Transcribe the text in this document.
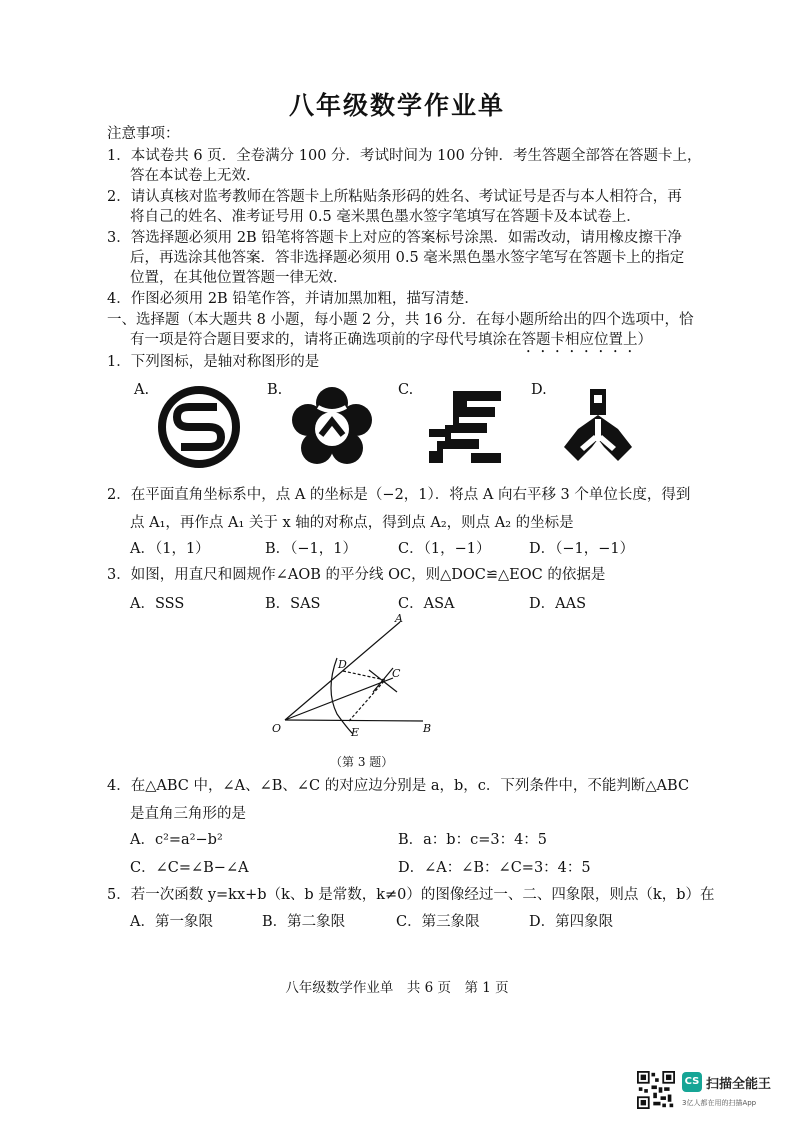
八年级数学作业单
注意事项：
1．本试卷共 6 页．全卷满分 100 分．考试时间为 100 分钟．考生答题全部答在答题卡上，
答在本试卷上无效．
2．请认真核对监考教师在答题卡上所粘贴条形码的姓名、考试证号是否与本人相符合，再
将自己的姓名、准考证号用 0.5 毫米黑色墨水签字笔填写在答题卡及本试卷上．
3．答选择题必须用 2B 铅笔将答题卡上对应的答案标号涂黑．如需改动，请用橡皮擦干净
后，再选涂其他答案．答非选择题必须用 0.5 毫米黑色墨水签字笔写在答题卡上的指定
位置，在其他位置答题一律无效．
4．作图必须用 2B 铅笔作答，并请加黑加粗，描写清楚．
一、选择题（本大题共 8 小题，每小题 2 分，共 16 分．在每小题所给出的四个选项中，恰
有一项是符合题目要求的，请将正确选项前的字母代号填涂在答题卡相应位置上）
1．下列图标，是轴对称图形的是
A.	B.	C.	D.
2．在平面直角坐标系中，点 A 的坐标是（−2，1）．将点 A 向右平移 3 个单位长度，得到
点 A₁，再作点 A₁ 关于 x 轴的对称点，得到点 A₂，则点 A₂ 的坐标是
A．（1，1）	B．（−1，1）	C．（1，−1）	D．（−1，−1）
3．如图，用直尺和圆规作∠AOB 的平分线 OC，则△DOC≌△EOC 的依据是
A．SSS	B．SAS	C．ASA	D．AAS
A
D
C
O	E	B
（第 3 题）
4．在△ABC 中，∠A、∠B、∠C 的对应边分别是 a，b，c．下列条件中，不能判断△ABC
是直角三角形的是
A．c²=a²−b²	B．a：b：c=3：4：5
C．∠C=∠B−∠A	D．∠A：∠B：∠C=3：4：5
5．若一次函数 y=kx+b（k、b 是常数，k≠0）的图像经过一、二、四象限，则点（k，b）在
A．第一象限	B．第二象限	C．第三象限	D．第四象限
八年级数学作业单　共 6 页　第 1 页
CS 扫描全能王
3亿人都在用的扫描App
